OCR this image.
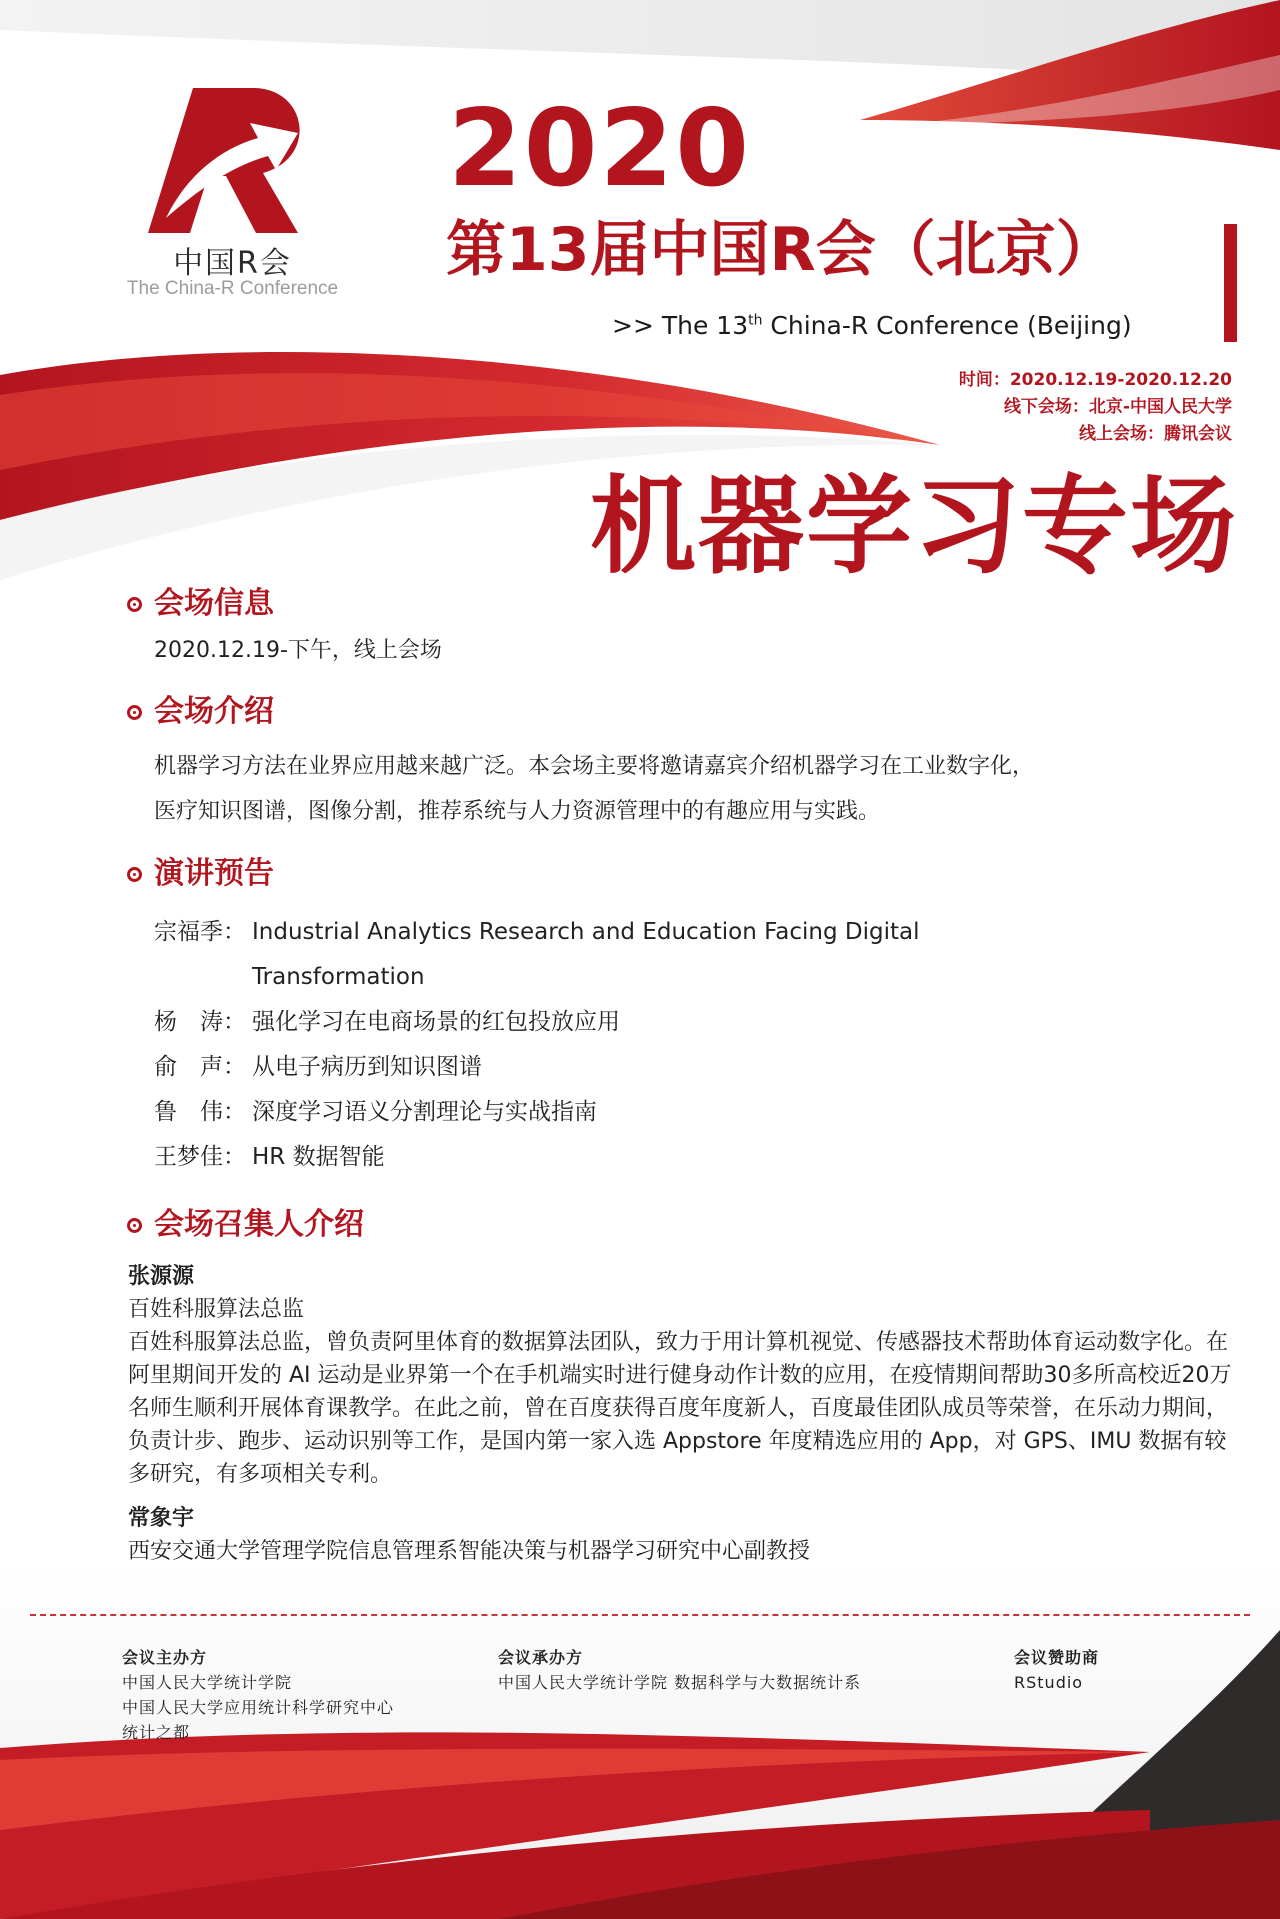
中国R会
The China-R Conference
2020
第13届中国R会（北京）
>> The 13th China-R Conference (Beijing)
时间：2020.12.19-2020.12.20
线下会场：北京-中国人民大学
线上会场：腾讯会议
机器学习专场
会场信息
2020.12.19-下午，线上会场
会场介绍
机器学习方法在业界应用越来越广泛。本会场主要将邀请嘉宾介绍机器学习在工业数字化，
医疗知识图谱，图像分割，推荐系统与人力资源管理中的有趣应用与实践。
演讲预告
宗福季： Industrial Analytics Research and Education Facing Digital Transformation
杨　涛： 强化学习在电商场景的红包投放应用
俞　声： 从电子病历到知识图谱
鲁　伟： 深度学习语义分割理论与实战指南
王梦佳： HR 数据智能
会场召集人介绍
张源源
百姓科服算法总监
百姓科服算法总监，曾负责阿里体育的数据算法团队，致力于用计算机视觉、传感器技术帮助体育运动数字化。在阿里期间开发的 AI 运动是业界第一个在手机端实时进行健身动作计数的应用，在疫情期间帮助30多所高校近20万名师生顺利开展体育课教学。在此之前，曾在百度获得百度年度新人，百度最佳团队成员等荣誉，在乐动力期间，负责计步、跑步、运动识别等工作，是国内第一家入选 Appstore 年度精选应用的 App，对 GPS、IMU 数据有较多研究，有多项相关专利。
常象宇
西安交通大学管理学院信息管理系智能决策与机器学习研究中心副教授
会议主办方
中国人民大学统计学院
中国人民大学应用统计科学研究中心
统计之都
会议承办方
中国人民大学统计学院 数据科学与大数据统计系
会议赞助商
RStudio
